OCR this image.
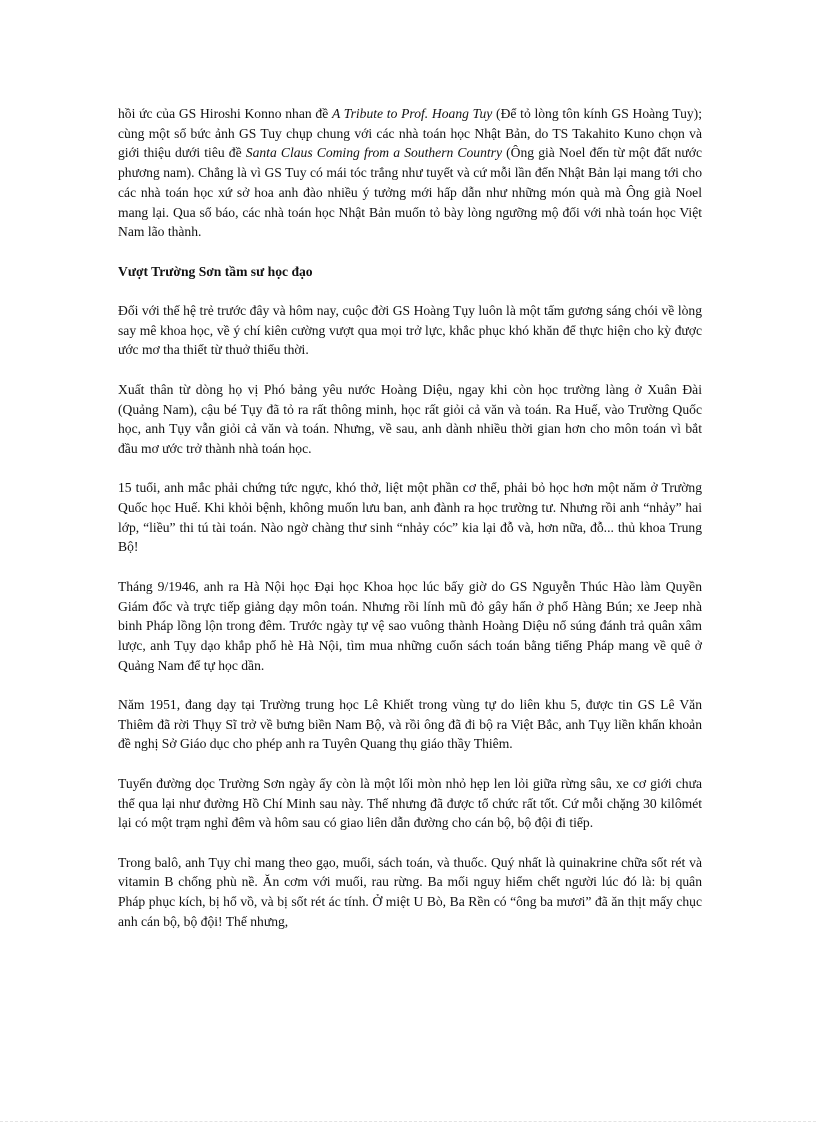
hồi ức của GS Hiroshi Konno nhan đề A Tribute to Prof. Hoang Tuy (Để tỏ lòng tôn kính GS Hoàng Tuy); cùng một số bức ảnh GS Tuy chụp chung với các nhà toán học Nhật Bản, do TS Takahito Kuno chọn và giới thiệu dưới tiêu đề Santa Claus Coming from a Southern Country (Ông già Noel đến từ một đất nước phương nam). Chẳng là vì GS Tuy có mái tóc trắng như tuyết và cứ mỗi lần đến Nhật Bản lại mang tới cho các nhà toán học xứ sở hoa anh đào nhiều ý tưởng mới hấp dẫn như những món quà mà Ông già Noel mang lại. Qua số báo, các nhà toán học Nhật Bản muốn tỏ bày lòng ngưỡng mộ đối với nhà toán học Việt Nam lão thành.

Vượt Trường Sơn tầm sư học đạo

Đối với thế hệ trẻ trước đây và hôm nay, cuộc đời GS Hoàng Tụy luôn là một tấm gương sáng chói về lòng say mê khoa học, về ý chí kiên cường vượt qua mọi trở lực, khắc phục khó khăn để thực hiện cho kỳ được ước mơ tha thiết từ thuở thiếu thời.

Xuất thân từ dòng họ vị Phó bảng yêu nước Hoàng Diệu, ngay khi còn học trường làng ở Xuân Đài (Quảng Nam), cậu bé Tụy đã tỏ ra rất thông minh, học rất giỏi cả văn và toán. Ra Huế, vào Trường Quốc học, anh Tụy vẫn giỏi cả văn và toán. Nhưng, về sau, anh dành nhiều thời gian hơn cho môn toán vì bắt đầu mơ ước trở thành nhà toán học.

15 tuổi, anh mắc phải chứng tức ngực, khó thở, liệt một phần cơ thể, phải bỏ học hơn một năm ở Trường Quốc học Huế. Khi khỏi bệnh, không muốn lưu ban, anh đành ra học trường tư. Nhưng rồi anh “nhảy” hai lớp, “liều” thi tú tài toán. Nào ngờ chàng thư sinh “nhảy cóc” kia lại đỗ và, hơn nữa, đỗ... thủ khoa Trung Bộ!

Tháng 9/1946, anh ra Hà Nội học Đại học Khoa học lúc bấy giờ do GS Nguyễn Thúc Hào làm Quyền Giám đốc và trực tiếp giảng dạy môn toán. Nhưng rồi lính mũ đỏ gây hấn ở phố Hàng Bún; xe Jeep nhà binh Pháp lồng lộn trong đêm. Trước ngày tự vệ sao vuông thành Hoàng Diệu nổ súng đánh trả quân xâm lược, anh Tụy dạo khắp phố hè Hà Nội, tìm mua những cuốn sách toán bằng tiếng Pháp mang về quê ở Quảng Nam để tự học dần.

Năm 1951, đang dạy tại Trường trung học Lê Khiết trong vùng tự do liên khu 5, được tin GS Lê Văn Thiêm đã rời Thụy Sĩ trở về bưng biền Nam Bộ, và rồi ông đã đi bộ ra Việt Bắc, anh Tụy liền khẩn khoản đề nghị Sở Giáo dục cho phép anh ra Tuyên Quang thụ giáo thầy Thiêm.

Tuyến đường dọc Trường Sơn ngày ấy còn là một lối mòn nhỏ hẹp len lỏi giữa rừng sâu, xe cơ giới chưa thể qua lại như đường Hồ Chí Minh sau này. Thế nhưng đã được tổ chức rất tốt. Cứ mỗi chặng 30 kilômét lại có một trạm nghỉ đêm và hôm sau có giao liên dẫn đường cho cán bộ, bộ đội đi tiếp.

Trong balô, anh Tụy chỉ mang theo gạo, muối, sách toán, và thuốc. Quý nhất là quinakrine chữa sốt rét và vitamin B chống phù nề. Ăn cơm với muối, rau rừng. Ba mối nguy hiểm chết người lúc đó là: bị quân Pháp phục kích, bị hổ vồ, và bị sốt rét ác tính. Ở miệt U Bò, Ba Rền có “ông ba mươi” đã ăn thịt mấy chục anh cán bộ, bộ đội! Thế nhưng,
